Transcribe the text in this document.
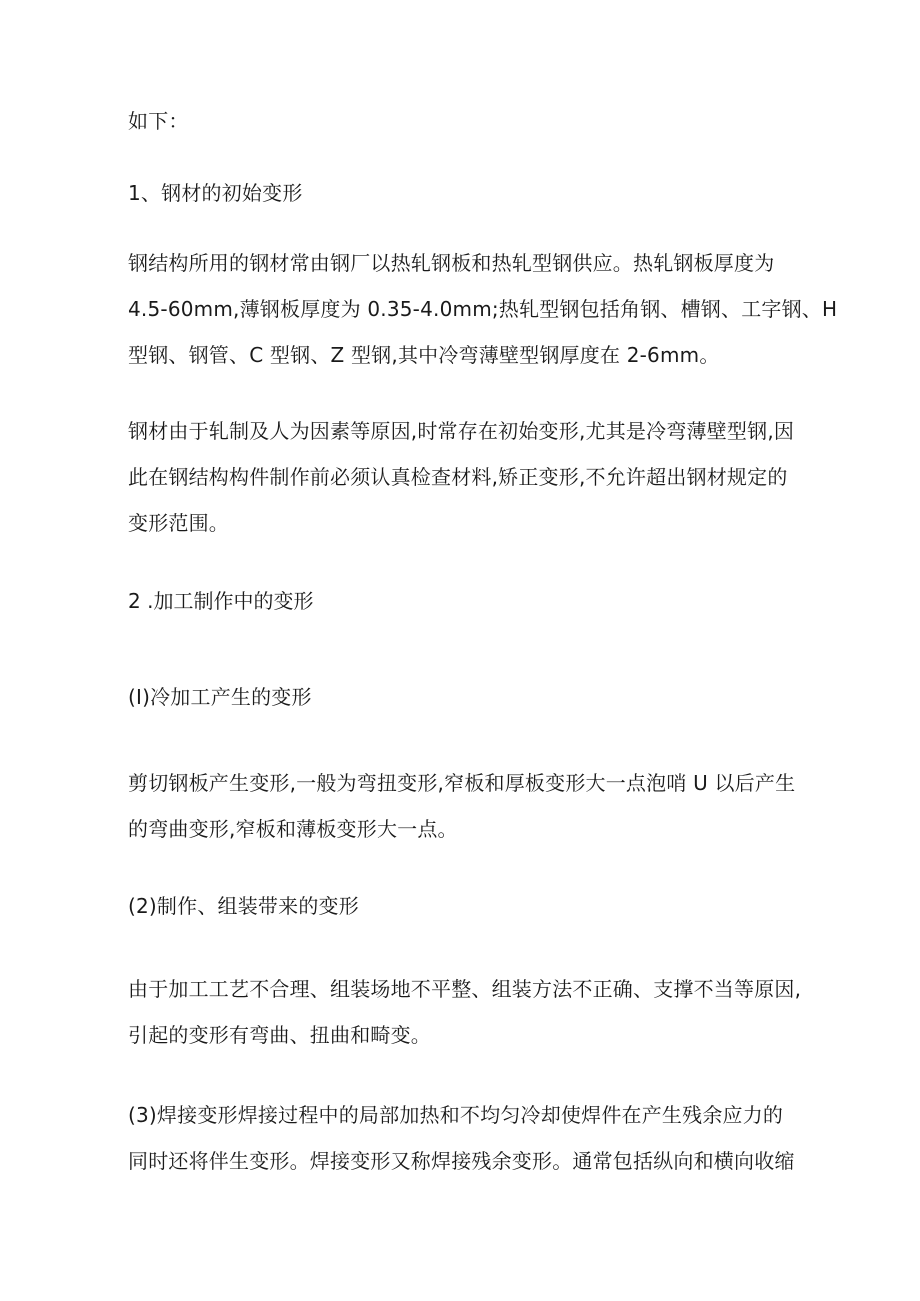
如下：

1、钢材的初始变形

钢结构所用的钢材常由钢厂以热轧钢板和热轧型钢供应。热轧钢板厚度为
4.5-60mm,薄钢板厚度为 0.35-4.0mm;热轧型钢包括角钢、槽钢、工字钢、H
型钢、钢管、C 型钢、Z 型钢,其中冷弯薄壁型钢厚度在 2-6mm。

钢材由于轧制及人为因素等原因,时常存在初始变形,尤其是冷弯薄壁型钢,因
此在钢结构构件制作前必须认真检查材料,矫正变形,不允许超出钢材规定的
变形范围。

2 .加工制作中的变形

(I)冷加工产生的变形

剪切钢板产生变形,一般为弯扭变形,窄板和厚板变形大一点泡哨 U 以后产生
的弯曲变形,窄板和薄板变形大一点。

(2)制作、组装带来的变形

由于加工工艺不合理、组装场地不平整、组装方法不正确、支撑不当等原因,
引起的变形有弯曲、扭曲和畸变。

(3)焊接变形焊接过程中的局部加热和不均匀冷却使焊件在产生残余应力的
同时还将伴生变形。焊接变形又称焊接残余变形。通常包括纵向和横向收缩
